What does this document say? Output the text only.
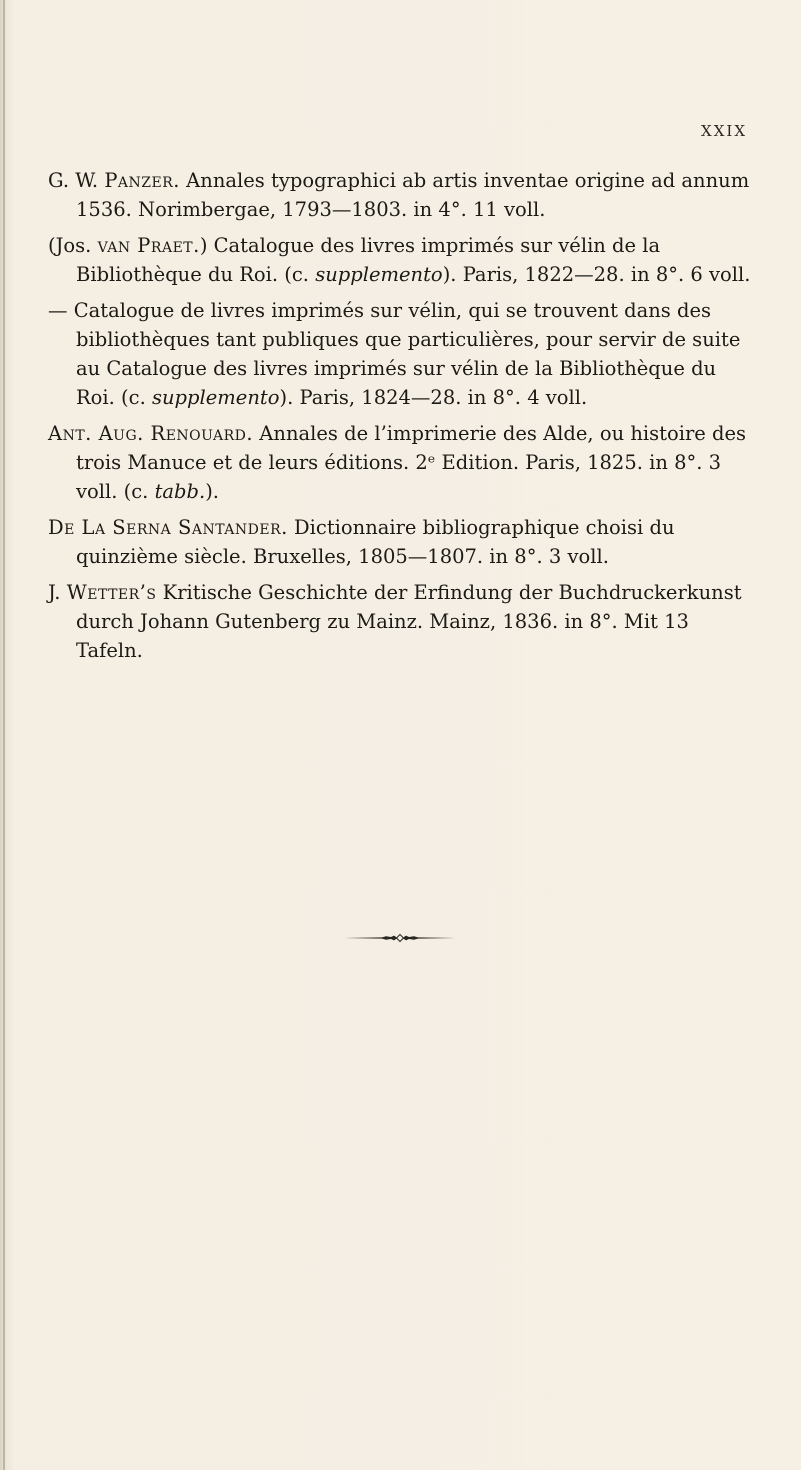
XXIX

G. W. Panzer. Annales typographici ab artis inventae origine ad annum 1536. Norimbergae, 1793—1803. in 4°. 11 voll.

(Jos. van Praet.) Catalogue des livres imprimés sur vélin de la Bibliothèque du Roi. (c. supplemento). Paris, 1822—28. in 8°. 6 voll.

— Catalogue de livres imprimés sur vélin, qui se trouvent dans des bibliothèques tant publiques que particulières, pour servir de suite au Catalogue des livres imprimés sur vélin de la Bibliothèque du Roi. (c. supplemento). Paris, 1824—28. in 8°. 4 voll.

Ant. Aug. Renouard. Annales de l’imprimerie des Alde, ou histoire des trois Manuce et de leurs éditions. 2ᵉ Edition. Paris, 1825. in 8°. 3 voll. (c. tabb.).

De La Serna Santander. Dictionnaire bibliographique choisi du quinzième siècle. Bruxelles, 1805—1807. in 8°. 3 voll.

J. Wetter’s Kritische Geschichte der Erfindung der Buchdruckerkunst durch Johann Gutenberg zu Mainz. Mainz, 1836. in 8°. Mit 13 Tafeln.
